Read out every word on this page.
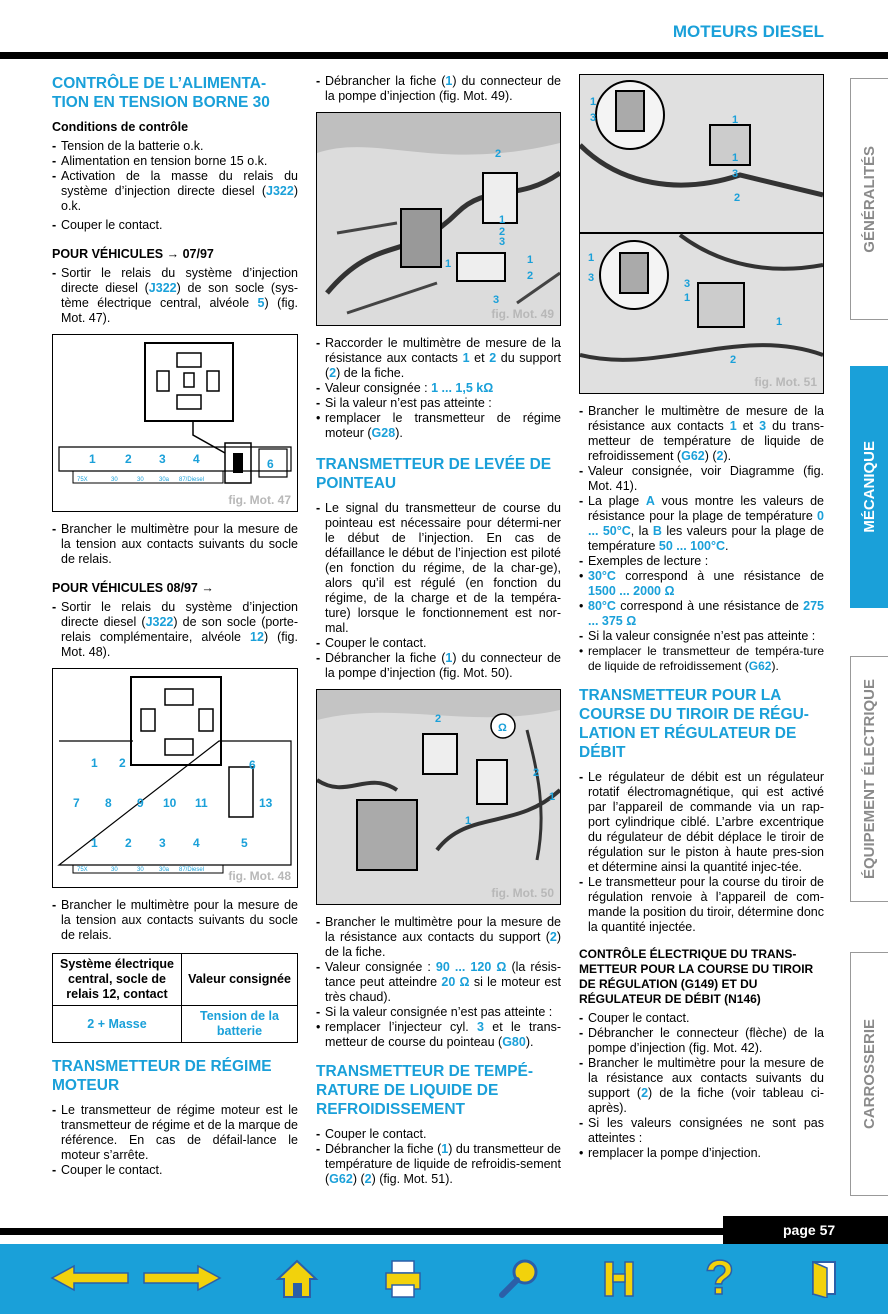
MOTEURS DIESEL
CONTRÔLE DE L’ALIMENTA-TION EN TENSION BORNE 30
Conditions de contrôle
- Tension de la batterie o.k.
- Alimentation en tension borne 15 o.k.
- Activation de la masse du relais du système d’injection directe diesel (J322) o.k.
- Couper le contact.
POUR VÉHICULES → 07/97
- Sortir le relais du système d’injection directe diesel (J322) de son socle (sys-tème électrique central, alvéole 5) (fig. Mot. 47).
1 2 3 4	6
75X	30	30	30a 87/Diesel
fig. Mot. 47
- Brancher le multimètre pour la mesure de la tension aux contacts suivants du socle de relais.
POUR VÉHICULES 08/97 →
- Sortir le relais du système d’injection directe diesel (J322) de son socle (porte-relais complémentaire, alvéole 12) (fig. Mot. 48).
1 2	6
7 8 9 10 11	13
1 2 3 4	5
75X	30	30	30a 87/Diesel fig. Mot. 48
- Brancher le multimètre pour la mesure de la tension aux contacts suivants du socle de relais.
Système électrique central, socle de relais 12, contact	Valeur consignée
2 + Masse	Tension de la batterie
TRANSMETTEUR DE RÉGIME MOTEUR
- Le transmetteur de régime moteur est le transmetteur de régime et de la marque de référence. En cas de défail-lance le moteur s’arrête.
- Couper le contact.
- Débrancher la fiche (1) du connecteur de la pompe d’injection (fig. Mot. 49).
2
1
2
3
1	1
2
3
fig. Mot. 49
- Raccorder le multimètre de mesure de la résistance aux contacts 1 et 2 du support (2) de la fiche.
- Valeur consignée : 1 ... 1,5 kΩ
- Si la valeur n’est pas atteinte :
• remplacer le transmetteur de régime moteur (G28).
TRANSMETTEUR DE LEVÉE DE POINTEAU
- Le signal du transmetteur de course du pointeau est nécessaire pour détermi-ner le début de l’injection. En cas de défaillance le début de l’injection est piloté (en fonction du régime, de la char-ge), alors qu’il est régulé (en fonction du régime, de la charge et de la tempéra-ture) lorsque le fonctionnement est nor-mal.
- Couper le contact.
- Débrancher la fiche (1) du connecteur de la pompe d’injection (fig. Mot. 50).
2
Ω
2
1
1
fig. Mot. 50
- Brancher le multimètre pour la mesure de la résistance aux contacts du support (2) de la fiche.
- Valeur consignée : 90 ... 120 Ω (la résis-tance peut atteindre 20 Ω si le moteur est très chaud).
- Si la valeur consignée n’est pas atteinte :
• remplacer l’injecteur cyl. 3 et le trans-metteur de course du pointeau (G80).
TRANSMETTEUR DE TEMPÉ-RATURE DE LIQUIDE DE REFROIDISSEMENT
- Couper le contact.
- Débrancher la fiche (1) du transmetteur de température de liquide de refroidis-sement (G62) (2) (fig. Mot. 51).
1
3	1
1
3
2
1
3	3
1
1
2
fig. Mot. 51
- Brancher le multimètre de mesure de la résistance aux contacts 1 et 3 du trans-metteur de température de liquide de refroidissement (G62) (2).
- Valeur consignée, voir Diagramme (fig. Mot. 41).
- La plage A vous montre les valeurs de résistance pour la plage de température 0 ... 50°C, la B les valeurs pour la plage de température 50 ... 100°C.
- Exemples de lecture :
• 30°C correspond à une résistance de 1500 ... 2000 Ω
• 80°C correspond à une résistance de 275 ... 375 Ω
- Si la valeur consignée n’est pas atteinte :
• remplacer le transmetteur de tempéra-ture de liquide de refroidissement (G62).
TRANSMETTEUR POUR LA COURSE DU TIROIR DE RÉGU-LATION ET RÉGULATEUR DE DÉBIT
- Le régulateur de débit est un régulateur rotatif électromagnétique, qui est activé par l’appareil de commande via un rap-port cylindrique ciblé. L’arbre excentrique du régulateur de débit déplace le tiroir de régulation sur le piston à haute pres-sion et détermine ainsi la quantité injec-tée.
- Le transmetteur pour la course du tiroir de régulation renvoie à l’appareil de com-mande la position du tiroir, détermine donc la quantité injectée.
CONTRÔLE ÉLECTRIQUE DU TRANS-METTEUR POUR LA COURSE DU TIROIR DE RÉGULATION (G149) ET DU RÉGULATEUR DE DÉBIT (N146)
- Couper le contact.
- Débrancher le connecteur (flèche) de la pompe d’injection (fig. Mot. 42).
- Brancher le multimètre pour la mesure de la résistance aux contacts suivants du support (2) de la fiche (voir tableau ci-après).
- Si les valeurs consignées ne sont pas atteintes :
• remplacer la pompe d’injection.
GÉNÉRALITÉS
MÉCANIQUE
ÉQUIPEMENT ÉLECTRIQUE
CARROSSERIE
page 57
?
